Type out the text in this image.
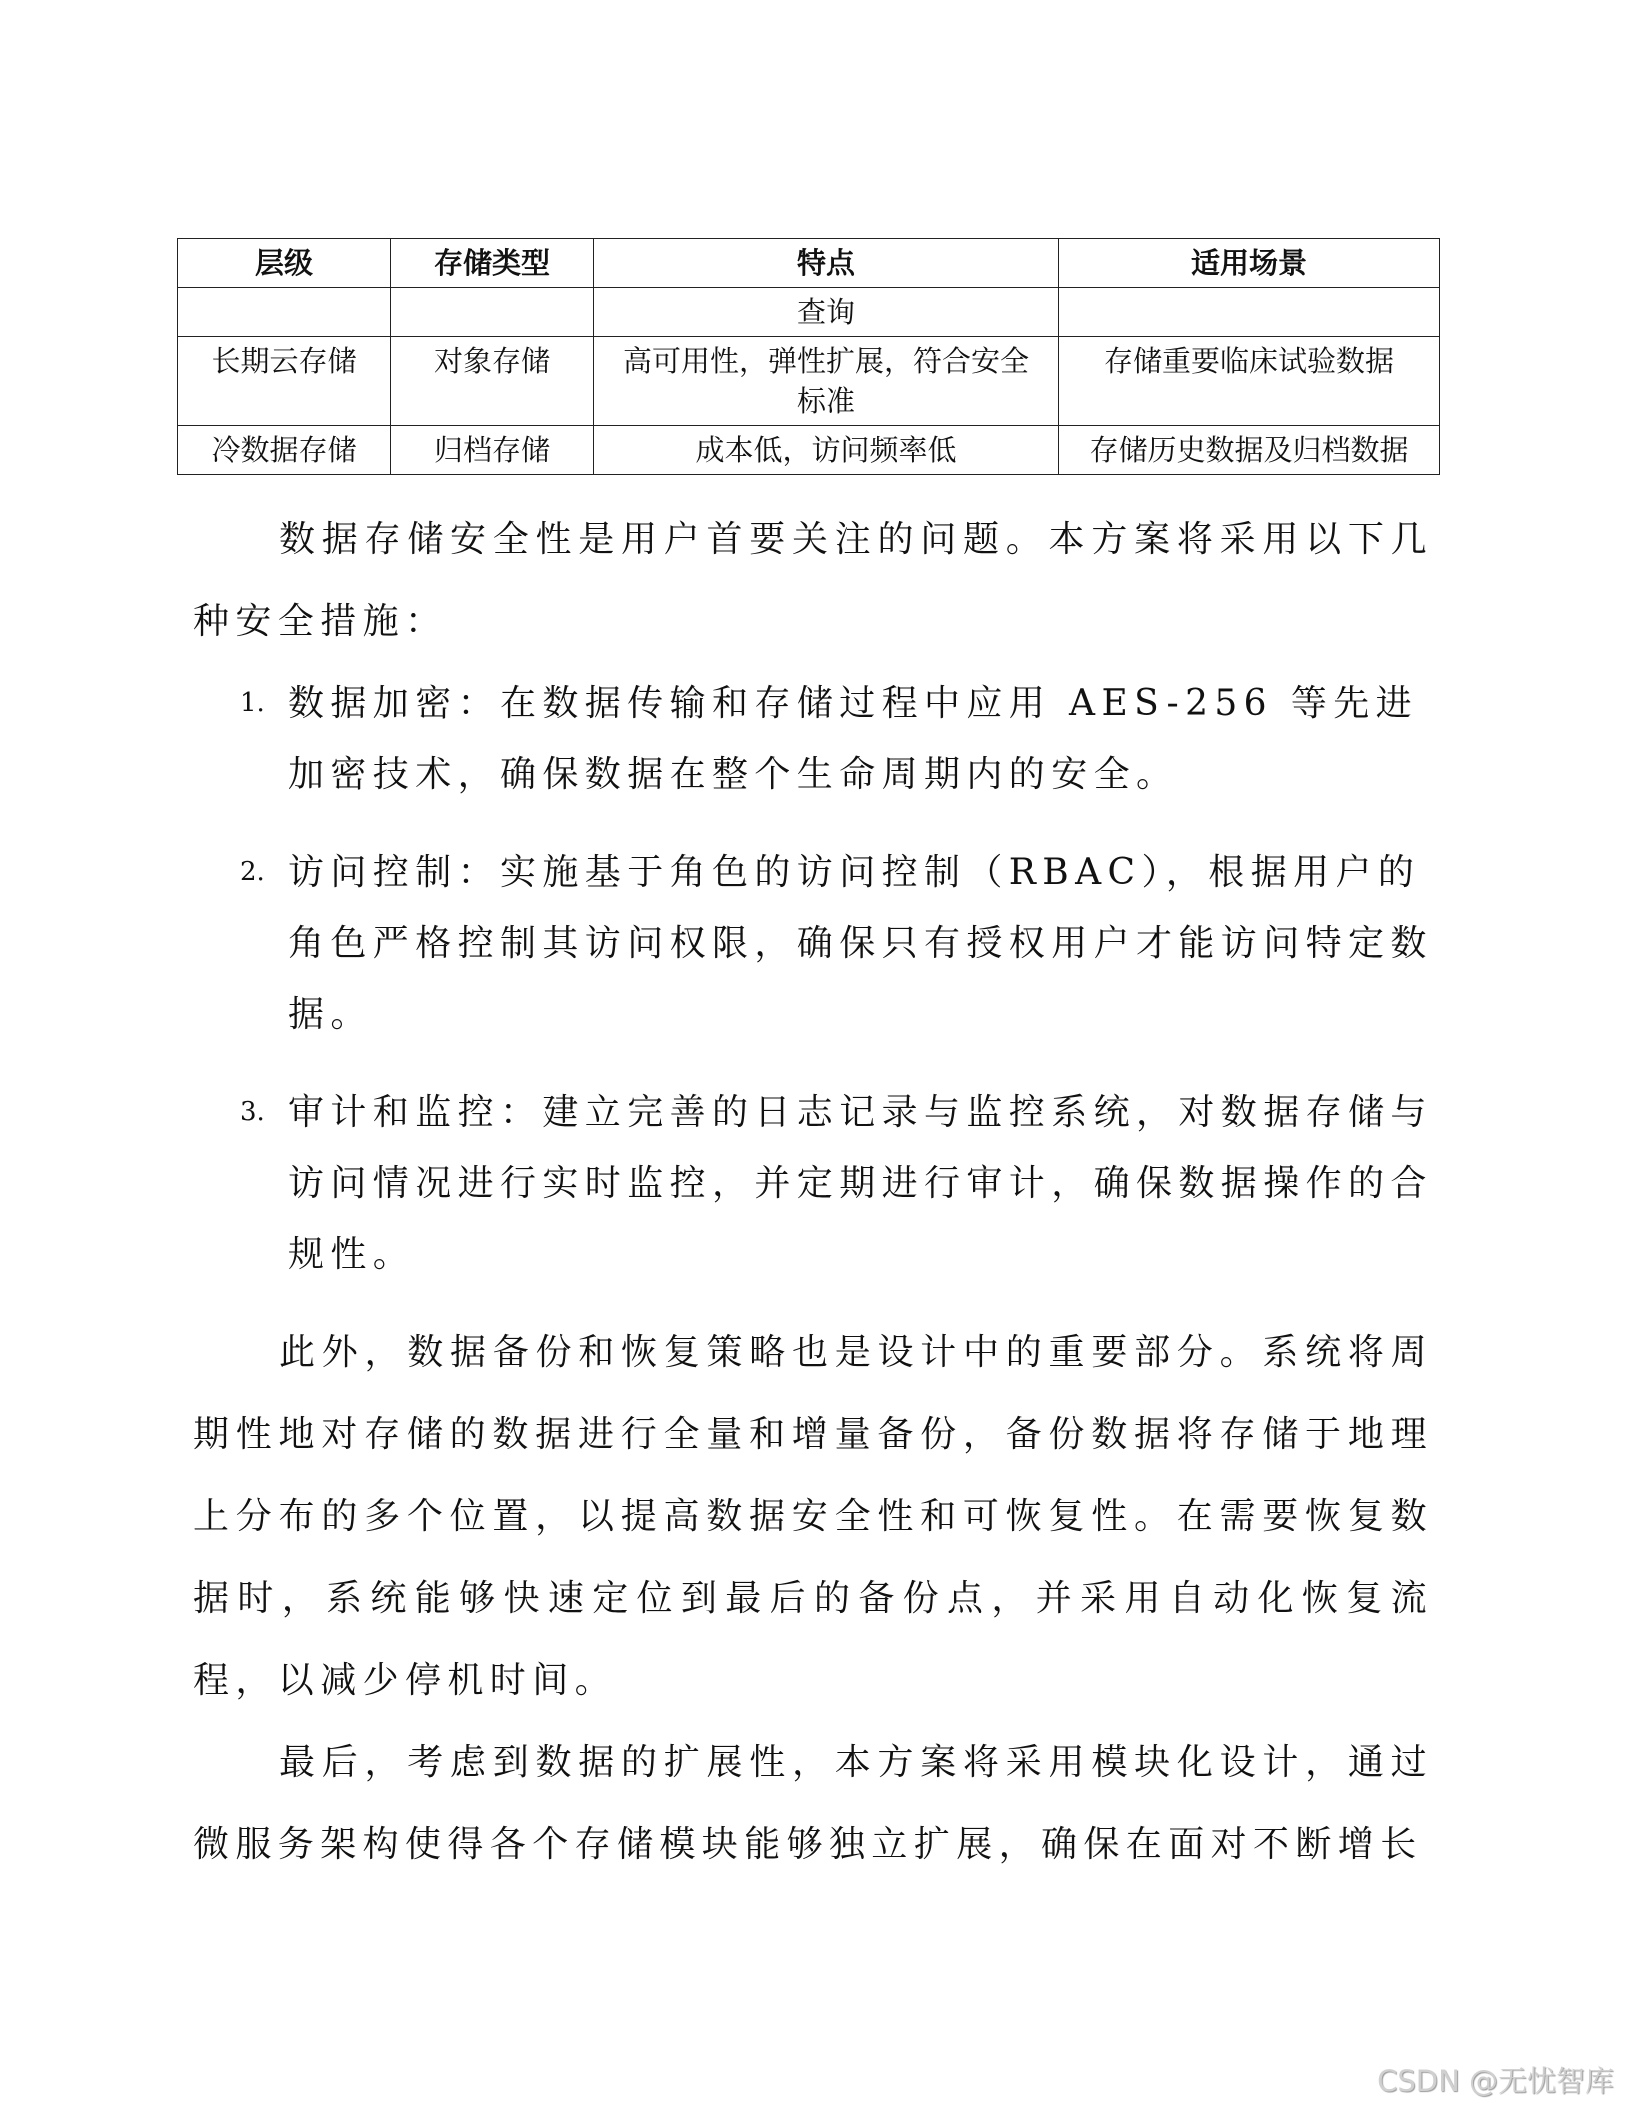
层级	存储类型	特点	适用场景
		查询	
长期云存储	对象存储	高可用性，弹性扩展，符合安全标准	存储重要临床试验数据
冷数据存储	归档存储	成本低，访问频率低	存储历史数据及归档数据
数据存储安全性是用户首要关注的问题。本方案将采用以下几种安全措施：
1. 数据加密：在数据传输和存储过程中应用 AES-256 等先进加密技术，确保数据在整个生命周期内的安全。
2. 访问控制：实施基于角色的访问控制（RBAC），根据用户的角色严格控制其访问权限，确保只有授权用户才能访问特定数据。
3. 审计和监控：建立完善的日志记录与监控系统，对数据存储与访问情况进行实时监控，并定期进行审计，确保数据操作的合规性。
此外，数据备份和恢复策略也是设计中的重要部分。系统将周期性地对存储的数据进行全量和增量备份，备份数据将存储于地理上分布的多个位置，以提高数据安全性和可恢复性。在需要恢复数据时，系统能够快速定位到最后的备份点，并采用自动化恢复流程，以减少停机时间。
最后，考虑到数据的扩展性，本方案将采用模块化设计，通过微服务架构使得各个存储模块能够独立扩展，确保在面对不断增长
CSDN @无忧智库
